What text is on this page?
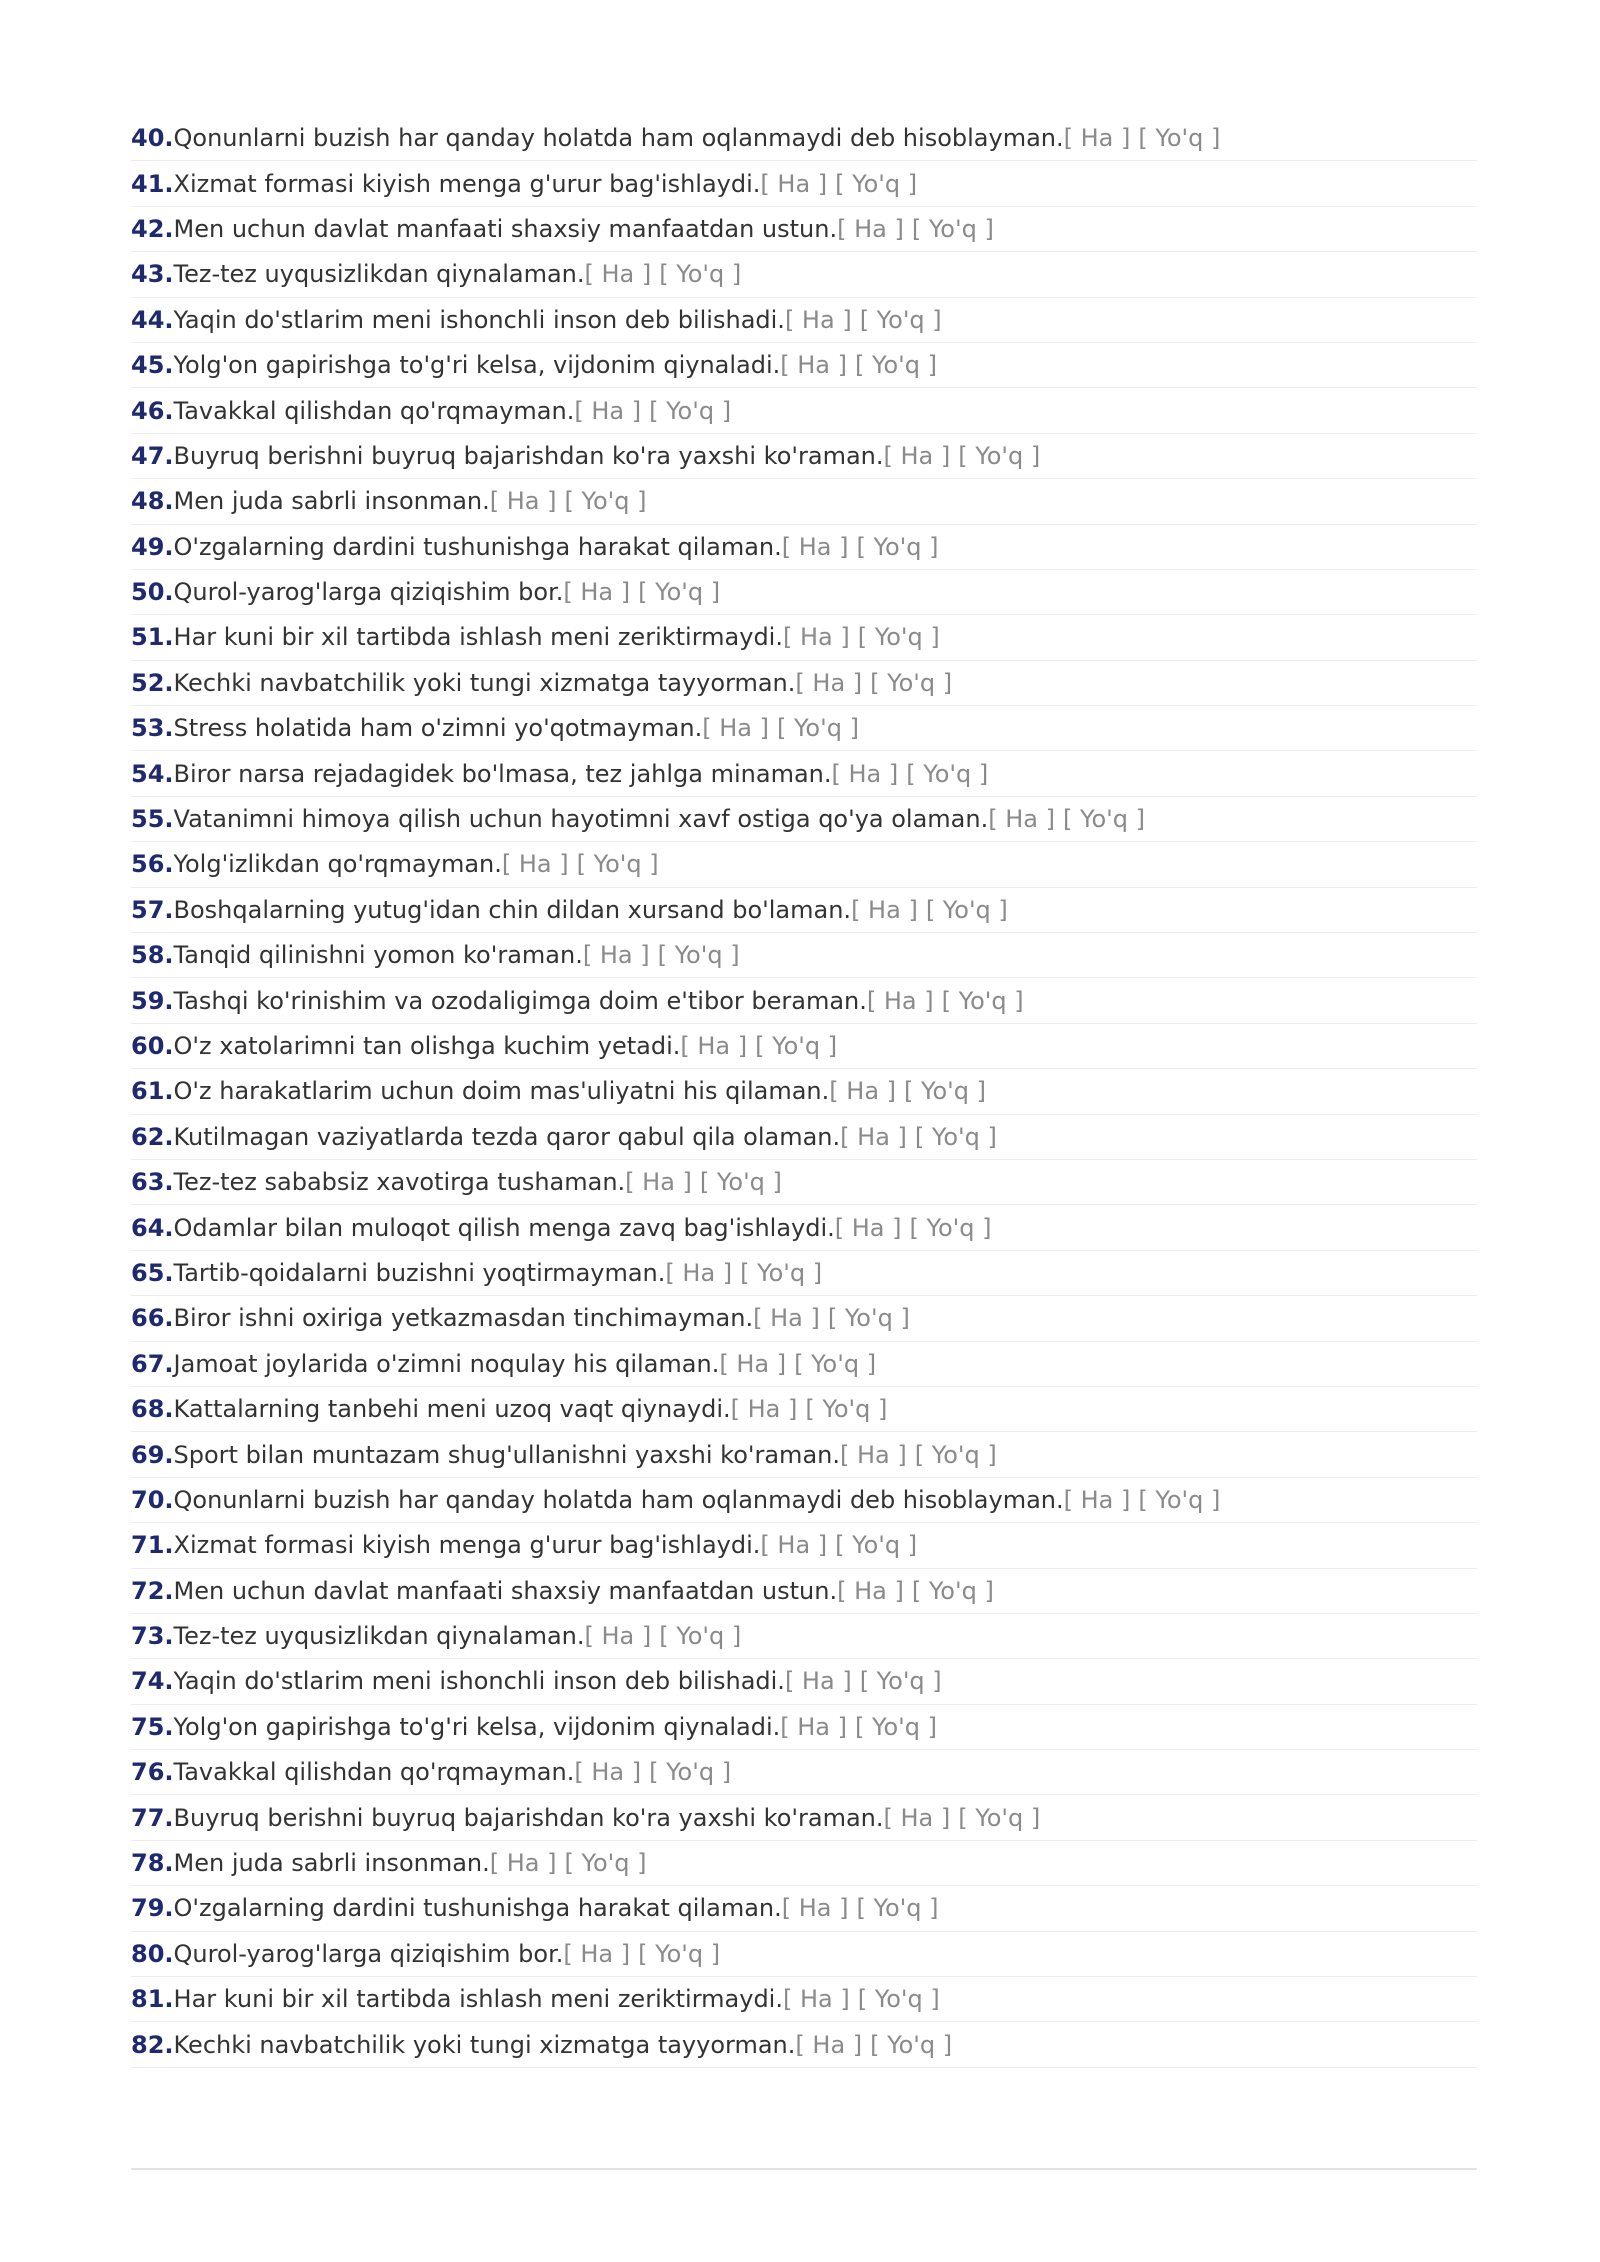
40. Qonunlarni buzish har qanday holatda ham oqlanmaydi deb hisoblayman. [ Ha ] [ Yo'q ]
41. Xizmat formasi kiyish menga g'urur bag'ishlaydi. [ Ha ] [ Yo'q ]
42. Men uchun davlat manfaati shaxsiy manfaatdan ustun. [ Ha ] [ Yo'q ]
43. Tez-tez uyqusizlikdan qiynalaman. [ Ha ] [ Yo'q ]
44. Yaqin do'stlarim meni ishonchli inson deb bilishadi. [ Ha ] [ Yo'q ]
45. Yolg'on gapirishga to'g'ri kelsa, vijdonim qiynaladi. [ Ha ] [ Yo'q ]
46. Tavakkal qilishdan qo'rqmayman. [ Ha ] [ Yo'q ]
47. Buyruq berishni buyruq bajarishdan ko'ra yaxshi ko'raman. [ Ha ] [ Yo'q ]
48. Men juda sabrli insonman. [ Ha ] [ Yo'q ]
49. O'zgalarning dardini tushunishga harakat qilaman. [ Ha ] [ Yo'q ]
50. Qurol-yarog'larga qiziqishim bor. [ Ha ] [ Yo'q ]
51. Har kuni bir xil tartibda ishlash meni zeriktirmaydi. [ Ha ] [ Yo'q ]
52. Kechki navbatchilik yoki tungi xizmatga tayyorman. [ Ha ] [ Yo'q ]
53. Stress holatida ham o'zimni yo'qotmayman. [ Ha ] [ Yo'q ]
54. Biror narsa rejadagidek bo'lmasa, tez jahlga minaman. [ Ha ] [ Yo'q ]
55. Vatanimni himoya qilish uchun hayotimni xavf ostiga qo'ya olaman. [ Ha ] [ Yo'q ]
56. Yolg'izlikdan qo'rqmayman. [ Ha ] [ Yo'q ]
57. Boshqalarning yutug'idan chin dildan xursand bo'laman. [ Ha ] [ Yo'q ]
58. Tanqid qilinishni yomon ko'raman. [ Ha ] [ Yo'q ]
59. Tashqi ko'rinishim va ozodaligimga doim e'tibor beraman. [ Ha ] [ Yo'q ]
60. O'z xatolarimni tan olishga kuchim yetadi. [ Ha ] [ Yo'q ]
61. O'z harakatlarim uchun doim mas'uliyatni his qilaman. [ Ha ] [ Yo'q ]
62. Kutilmagan vaziyatlarda tezda qaror qabul qila olaman. [ Ha ] [ Yo'q ]
63. Tez-tez sababsiz xavotirga tushaman. [ Ha ] [ Yo'q ]
64. Odamlar bilan muloqot qilish menga zavq bag'ishlaydi. [ Ha ] [ Yo'q ]
65. Tartib-qoidalarni buzishni yoqtirmayman. [ Ha ] [ Yo'q ]
66. Biror ishni oxiriga yetkazmasdan tinchimayman. [ Ha ] [ Yo'q ]
67. Jamoat joylarida o'zimni noqulay his qilaman. [ Ha ] [ Yo'q ]
68. Kattalarning tanbehi meni uzoq vaqt qiynaydi. [ Ha ] [ Yo'q ]
69. Sport bilan muntazam shug'ullanishni yaxshi ko'raman. [ Ha ] [ Yo'q ]
70. Qonunlarni buzish har qanday holatda ham oqlanmaydi deb hisoblayman. [ Ha ] [ Yo'q ]
71. Xizmat formasi kiyish menga g'urur bag'ishlaydi. [ Ha ] [ Yo'q ]
72. Men uchun davlat manfaati shaxsiy manfaatdan ustun. [ Ha ] [ Yo'q ]
73. Tez-tez uyqusizlikdan qiynalaman. [ Ha ] [ Yo'q ]
74. Yaqin do'stlarim meni ishonchli inson deb bilishadi. [ Ha ] [ Yo'q ]
75. Yolg'on gapirishga to'g'ri kelsa, vijdonim qiynaladi. [ Ha ] [ Yo'q ]
76. Tavakkal qilishdan qo'rqmayman. [ Ha ] [ Yo'q ]
77. Buyruq berishni buyruq bajarishdan ko'ra yaxshi ko'raman. [ Ha ] [ Yo'q ]
78. Men juda sabrli insonman. [ Ha ] [ Yo'q ]
79. O'zgalarning dardini tushunishga harakat qilaman. [ Ha ] [ Yo'q ]
80. Qurol-yarog'larga qiziqishim bor. [ Ha ] [ Yo'q ]
81. Har kuni bir xil tartibda ishlash meni zeriktirmaydi. [ Ha ] [ Yo'q ]
82. Kechki navbatchilik yoki tungi xizmatga tayyorman. [ Ha ] [ Yo'q ]
